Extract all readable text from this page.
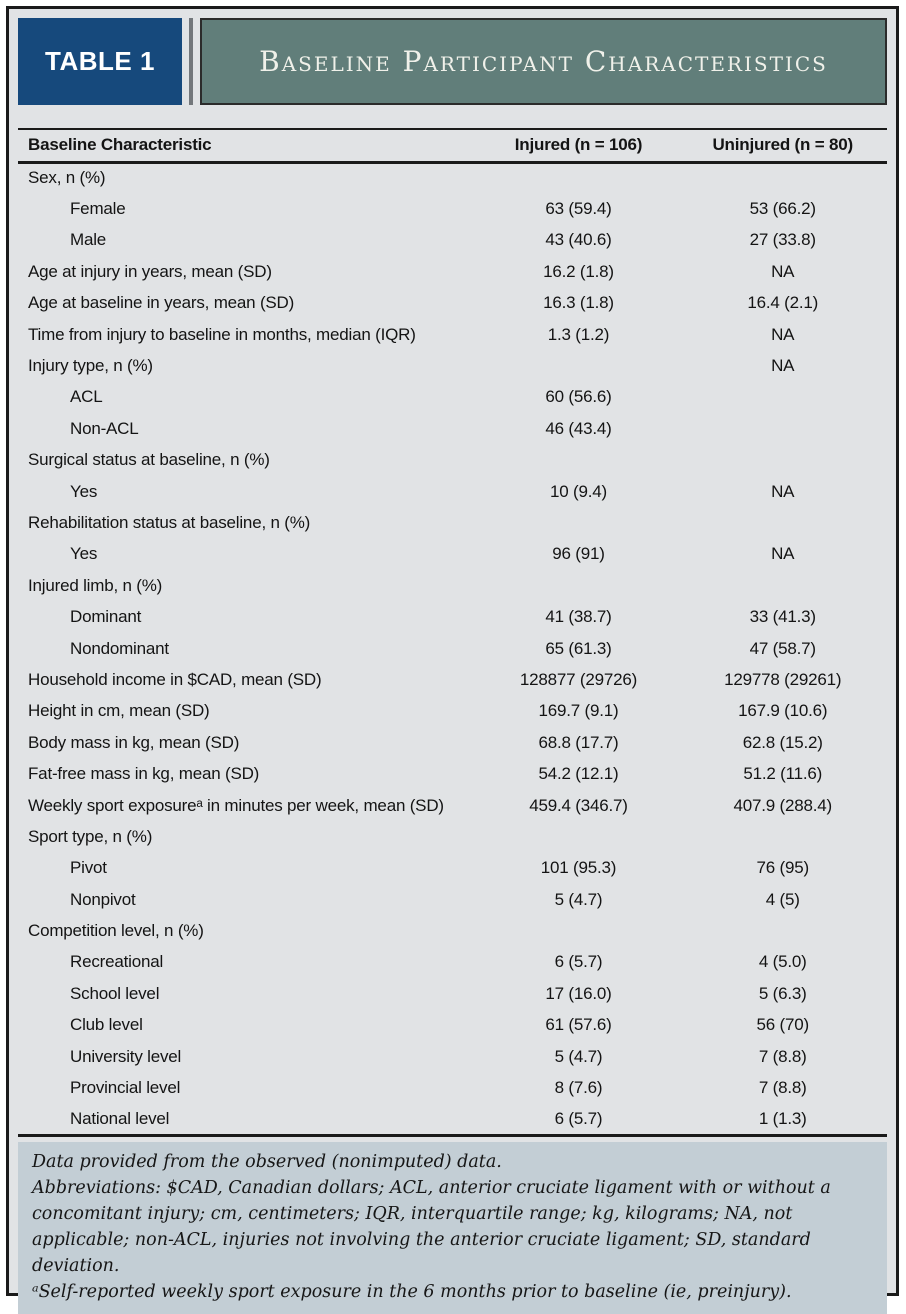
TABLE 1	Baseline Participant Characteristics
Baseline Characteristic	Injured (n = 106)	Uninjured (n = 80)
Sex, n (%)		
Female	63 (59.4)	53 (66.2)
Male	43 (40.6)	27 (33.8)
Age at injury in years, mean (SD)	16.2 (1.8)	NA
Age at baseline in years, mean (SD)	16.3 (1.8)	16.4 (2.1)
Time from injury to baseline in months, median (IQR)	1.3 (1.2)	NA
Injury type, n (%)		NA
ACL	60 (56.6)	
Non-ACL	46 (43.4)	
Surgical status at baseline, n (%)		
Yes	10 (9.4)	NA
Rehabilitation status at baseline, n (%)		
Yes	96 (91)	NA
Injured limb, n (%)		
Dominant	41 (38.7)	33 (41.3)
Nondominant	65 (61.3)	47 (58.7)
Household income in $CAD, mean (SD)	128877 (29726)	129778 (29261)
Height in cm, mean (SD)	169.7 (9.1)	167.9 (10.6)
Body mass in kg, mean (SD)	68.8 (17.7)	62.8 (15.2)
Fat-free mass in kg, mean (SD)	54.2 (12.1)	51.2 (11.6)
Weekly sport exposureᵃ in minutes per week, mean (SD)	459.4 (346.7)	407.9 (288.4)
Sport type, n (%)		
Pivot	101 (95.3)	76 (95)
Nonpivot	5 (4.7)	4 (5)
Competition level, n (%)		
Recreational	6 (5.7)	4 (5.0)
School level	17 (16.0)	5 (6.3)
Club level	61 (57.6)	56 (70)
University level	5 (4.7)	7 (8.8)
Provincial level	8 (7.6)	7 (8.8)
National level	6 (5.7)	1 (1.3)
Data provided from the observed (nonimputed) data.
Abbreviations: $CAD, Canadian dollars; ACL, anterior cruciate ligament with or without a concomitant injury; cm, centimeters; IQR, interquartile range; kg, kilograms; NA, not applicable; non-ACL, injuries not involving the anterior cruciate ligament; SD, standard deviation.
ᵃSelf-reported weekly sport exposure in the 6 months prior to baseline (ie, preinjury).
